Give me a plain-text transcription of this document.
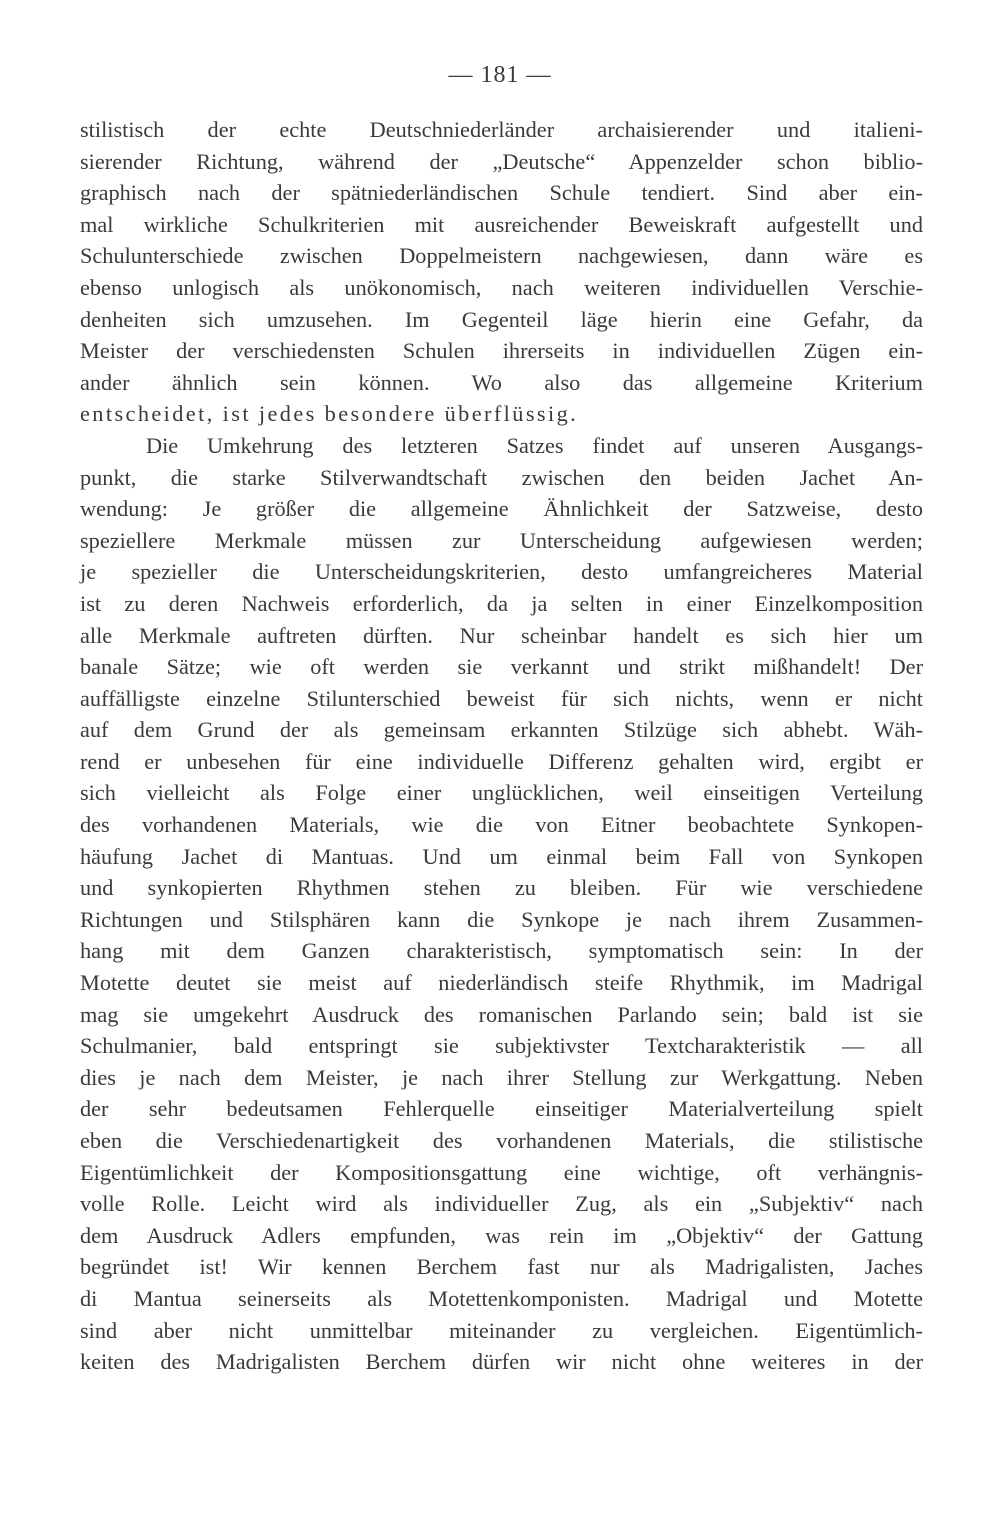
— 181 —
stilistisch der echte Deutschniederländer archaisierender und italieni-
sierender Richtung, während der „Deutsche“ Appenzelder schon biblio-
graphisch nach der spätniederländischen Schule tendiert. Sind aber ein-
mal wirkliche Schulkriterien mit ausreichender Beweiskraft aufgestellt und
Schulunterschiede zwischen Doppelmeistern nachgewiesen, dann wäre es
ebenso unlogisch als unökonomisch, nach weiteren individuellen Verschie-
denheiten sich umzusehen. Im Gegenteil läge hierin eine Gefahr, da
Meister der verschiedensten Schulen ihrerseits in individuellen Zügen ein-
ander ähnlich sein können. Wo also das allgemeine Kriterium
entscheidet, ist jedes besondere überflüssig.
Die Umkehrung des letzteren Satzes findet auf unseren Ausgangs-
punkt, die starke Stilverwandtschaft zwischen den beiden Jachet An-
wendung: Je größer die allgemeine Ähnlichkeit der Satzweise, desto
speziellere Merkmale müssen zur Unterscheidung aufgewiesen werden;
je spezieller die Unterscheidungskriterien, desto umfangreicheres Material
ist zu deren Nachweis erforderlich, da ja selten in einer Einzelkomposition
alle Merkmale auftreten dürften. Nur scheinbar handelt es sich hier um
banale Sätze; wie oft werden sie verkannt und strikt mißhandelt! Der
auffälligste einzelne Stilunterschied beweist für sich nichts, wenn er nicht
auf dem Grund der als gemeinsam erkannten Stilzüge sich abhebt. Wäh-
rend er unbesehen für eine individuelle Differenz gehalten wird, ergibt er
sich vielleicht als Folge einer unglücklichen, weil einseitigen Verteilung
des vorhandenen Materials, wie die von Eitner beobachtete Synkopen-
häufung Jachet di Mantuas. Und um einmal beim Fall von Synkopen
und synkopierten Rhythmen stehen zu bleiben. Für wie verschiedene
Richtungen und Stilsphären kann die Synkope je nach ihrem Zusammen-
hang mit dem Ganzen charakteristisch, symptomatisch sein: In der
Motette deutet sie meist auf niederländisch steife Rhythmik, im Madrigal
mag sie umgekehrt Ausdruck des romanischen Parlando sein; bald ist sie
Schulmanier, bald entspringt sie subjektivster Textcharakteristik — all
dies je nach dem Meister, je nach ihrer Stellung zur Werkgattung. Neben
der sehr bedeutsamen Fehlerquelle einseitiger Materialverteilung spielt
eben die Verschiedenartigkeit des vorhandenen Materials, die stilistische
Eigentümlichkeit der Kompositionsgattung eine wichtige, oft verhängnis-
volle Rolle. Leicht wird als individueller Zug, als ein „Subjektiv“ nach
dem Ausdruck Adlers empfunden, was rein im „Objektiv“ der Gattung
begründet ist! Wir kennen Berchem fast nur als Madrigalisten, Jaches
di Mantua seinerseits als Motettenkomponisten. Madrigal und Motette
sind aber nicht unmittelbar miteinander zu vergleichen. Eigentümlich-
keiten des Madrigalisten Berchem dürfen wir nicht ohne weiteres in der
